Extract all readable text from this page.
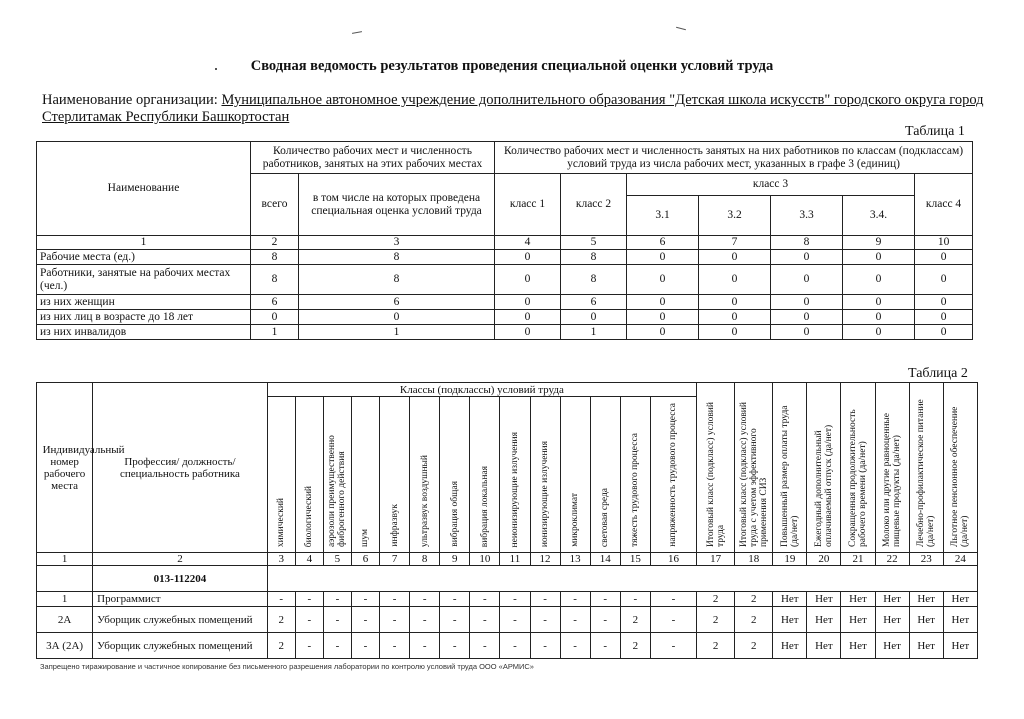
Сводная ведомость результатов проведения специальной оценки условий труда
Наименование организации: Муниципальное автономное учреждение дополнительного образования "Детская школа искусств" городского округа город Стерлитамак Республики Башкортостан
Таблица 1
Наименование	Количество рабочих мест и численность работников, занятых на этих рабочих местах		Количество рабочих мест и численность занятых на них работников по классам (подклассам) условий труда из числа рабочих мест, указанных в графе 3 (единиц)						
	всего	в том числе на которых проведена специальная оценка условий труда	класс 1	класс 2	класс 3				класс 4
					3.1	3.2	3.3	3.4.	
1	2	3	4	5	6	7	8	9	10
Рабочие места (ед.)	8	8	0	8	0	0	0	0	0
Работники, занятые на рабочих местах (чел.)	8	8	0	8	0	0	0	0	0
из них женщин	6	6	0	6	0	0	0	0	0
из них лиц в возрасте до 18 лет	0	0	0	0	0	0	0	0	0
из них инвалидов	1	1	0	1	0	0	0	0	0
Таблица 2
Индивидуальный номер рабочего места	Профессия/ должность/ специальность работника	Классы (подклассы) условий труда														Итоговый класс (подкласс) условий труда	Итоговый класс (подкласс) условий труда с учетом эффективного применения СИЗ	Повышенный размер оплаты труда (да/нет)	Ежегодный дополнительный оплачиваемый отпуск (да/нет)	Сокращенная продолжительность рабочего времени (да/нет)	Молоко или другие равноценные пищевые продукты (да/нет)	Лечебно-профилактическое питание (да/нет)	Льготное пенсионное обеспечение (да/нет)
		химический	биологический	аэрозоли преимущественно фиброгенного действия	шум	инфразвук	ультразвук воздушный	вибрация общая	вибрация локальная	неионизирующие излучения	ионизирующие излучения	микроклимат	световая среда	тяжесть трудового процесса	напряженность трудового процесса								
1	2	3	4	5	6	7	8	9	10	11	12	13	14	15	16	17	18	19	20	21	22	23	24
	013-112204																						
1	Программист	-	-	-	-	-	-	-	-	-	-	-	-	-	-	2	2	Нет	Нет	Нет	Нет	Нет	Нет
2А	Уборщик служебных помещений	2	-	-	-	-	-	-	-	-	-	-	-	2	-	2	2	Нет	Нет	Нет	Нет	Нет	Нет
3А (2А)	Уборщик служебных помещений	2	-	-	-	-	-	-	-	-	-	-	-	2	-	2	2	Нет	Нет	Нет	Нет	Нет	Нет
Запрещено тиражирование и частичное копирование без письменного разрешения лаборатории по контролю условий труда ООО «АРМИС»
